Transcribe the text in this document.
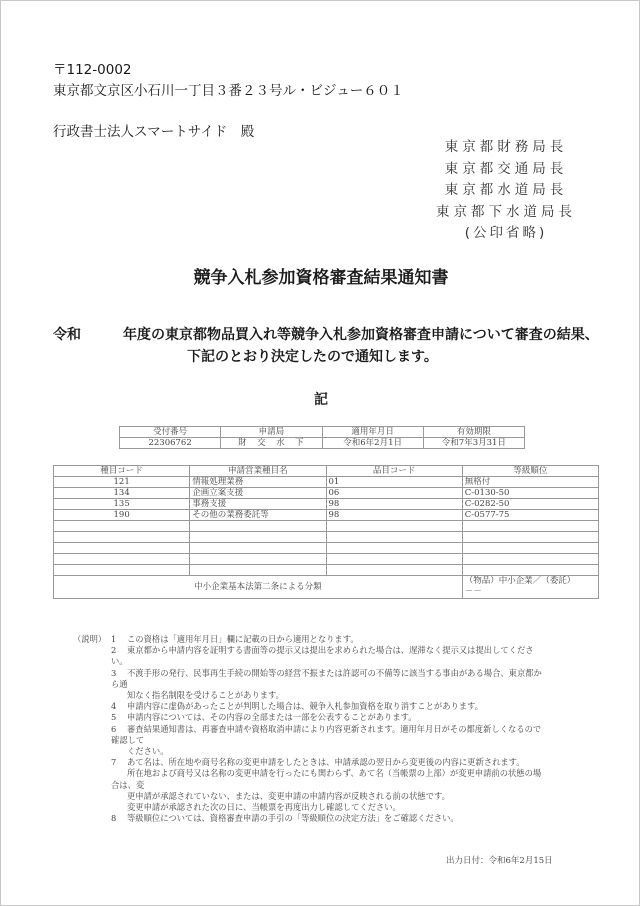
〒112-0002
東京都文京区小石川一丁目３番２３号ル・ビジュー６０１
行政書士法人スマートサイド　殿
東京都財務局長
東京都交通局長
東京都水道局長
東京都下水道局長
(公印省略)
競争入札参加資格審査結果通知書
令和	年度の東京都物品買入れ等競争入札参加資格審査申請について審査の結果、
下記のとおり決定したので通知します。
記
受付番号	申請局	適用年月日	有効期限
22306762	財　交　水　下	令和6年2月1日	令和7年3月31日
種目コード	申請営業種目名	品目コード	等級順位
121	情報処理業務	01	無格付
134	企画立案支援	06	C-0130-50
135	事務支援	98	C-0282-50
190	その他の業務委託等	98	C-0577-75

中小企業基本法第二条による分類			（物品）中小企業／（委託）
－－
（説明） 1 この資格は「適用年月日」欄に記載の日から適用となります。
2 東京都から申請内容を証明する書面等の提示又は提出を求められた場合は、遅滞なく提示又は提出してくださ
い。
3 不渡手形の発行、民事再生手続の開始等の経営不振または許認可の不備等に該当する事由がある場合、東京都か
ら通
知なく指名制限を受けることがあります。
4 申請内容に虚偽があったことが判明した場合は、競争入札参加資格を取り消すことがあります。
5 申請内容については、その内容の全部または一部を公表することがあります。
6 審査結果通知書は、再審査申請や資格取消申請により内容更新されます。適用年月日がその都度新しくなるので
確認して
ください。
7 あて名は、所在地や商号名称の変更申請をしたときは、申請承認の翌日から変更後の内容に更新されます。
所在地および商号又は名称の変更申請を行ったにも関わらず、あて名（当帳票の上部）が変更申請前の状態の場
合は、変
更申請が承認されていない、または、変更申請の申請内容が反映される前の状態です。
変更申請が承認された次の日に、当帳票を再度出力し確認してください。
8 等級順位については、資格審査申請の手引の「等級順位の決定方法」をご確認ください。
出力日付：令和6年2月15日
